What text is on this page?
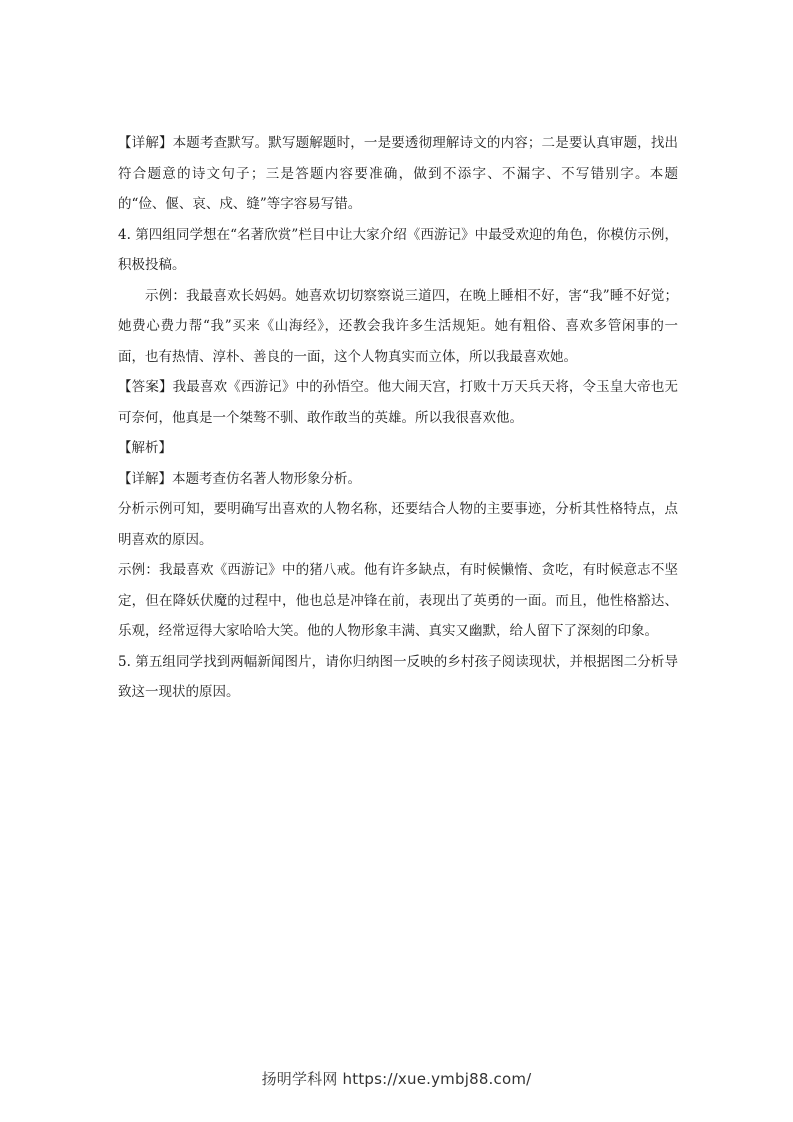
【详解】本题考查默写。默写题解题时，一是要透彻理解诗文的内容；二是要认真审题，找出符合题意的诗文句子；三是答题内容要准确，做到不添字、不漏字、不写错别字。本题的“俭、偃、哀、戍、缝”等字容易写错。

4. 第四组同学想在“名著欣赏”栏目中让大家介绍《西游记》中最受欢迎的角色，你模仿示例，积极投稿。

示例：我最喜欢长妈妈。她喜欢切切察察说三道四，在晚上睡相不好，害“我”睡不好觉；她费心费力帮“我”买来《山海经》，还教会我许多生活规矩。她有粗俗、喜欢多管闲事的一面，也有热情、淳朴、善良的一面，这个人物真实而立体，所以我最喜欢她。

【答案】我最喜欢《西游记》中的孙悟空。他大闹天宫，打败十万天兵天将，令玉皇大帝也无可奈何，他真是一个桀骜不驯、敢作敢当的英雄。所以我很喜欢他。

【解析】

【详解】本题考查仿名著人物形象分析。

分析示例可知，要明确写出喜欢的人物名称，还要结合人物的主要事迹，分析其性格特点，点明喜欢的原因。

示例：我最喜欢《西游记》中的猪八戒。他有许多缺点，有时候懒惰、贪吃，有时候意志不坚定，但在降妖伏魔的过程中，他也总是冲锋在前，表现出了英勇的一面。而且，他性格豁达、乐观，经常逗得大家哈哈大笑。他的人物形象丰满、真实又幽默，给人留下了深刻的印象。

5. 第五组同学找到两幅新闻图片，请你归纳图一反映的乡村孩子阅读现状，并根据图二分析导致这一现状的原因。

扬明学科网 https://xue.ymbj88.com/
